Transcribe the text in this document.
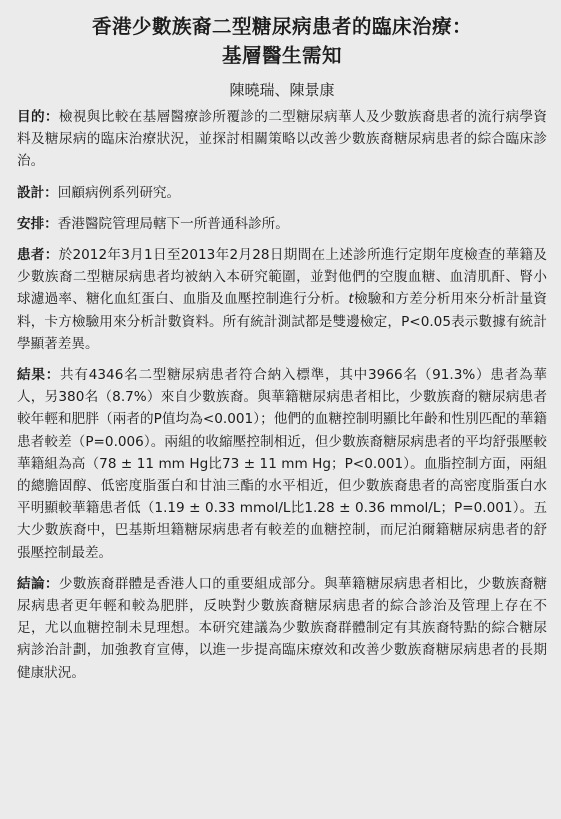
香港少數族裔二型糖尿病患者的臨床治療：
基層醫生需知
陳曉瑞、陳景康

目的：檢視與比較在基層醫療診所覆診的二型糖尿病華人及少數族裔患者的流行病學資料及糖尿病的臨床治療狀況，並探討相關策略以改善少數族裔糖尿病患者的綜合臨床診治。

設計：回顧病例系列研究。

安排：香港醫院管理局轄下一所普通科診所。

患者：於2012年3月1日至2013年2月28日期間在上述診所進行定期年度檢查的華籍及少數族裔二型糖尿病患者均被納入本研究範圍，並對他們的空腹血糖、血清肌酐、腎小球濾過率、糖化血紅蛋白、血脂及血壓控制進行分析。t檢驗和方差分析用來分析計量資料，卡方檢驗用來分析計數資料。所有統計測試都是雙邊檢定，P<0.05表示數據有統計學顯著差異。

結果：共有4346名二型糖尿病患者符合納入標準，其中3966名（91.3%）患者為華人，另380名（8.7%）來自少數族裔。與華籍糖尿病患者相比，少數族裔的糖尿病患者較年輕和肥胖（兩者的P值均為<0.001）；他們的血糖控制明顯比年齡和性別匹配的華籍患者較差（P=0.006）。兩組的收縮壓控制相近，但少數族裔糖尿病患者的平均舒張壓較華籍組為高（78 ± 11 mm Hg比73 ± 11 mm Hg；P<0.001）。血脂控制方面，兩組的總膽固醇、低密度脂蛋白和甘油三酯的水平相近，但少數族裔患者的高密度脂蛋白水平明顯較華籍患者低（1.19 ± 0.33 mmol/L比1.28 ± 0.36 mmol/L；P=0.001）。五大少數族裔中，巴基斯坦籍糖尿病患者有較差的血糖控制，而尼泊爾籍糖尿病患者的舒張壓控制最差。

結論：少數族裔群體是香港人口的重要組成部分。與華籍糖尿病患者相比，少數族裔糖尿病患者更年輕和較為肥胖，反映對少數族裔糖尿病患者的綜合診治及管理上存在不足，尤以血糖控制未見理想。本研究建議為少數族裔群體制定有其族裔特點的綜合糖尿病診治計劃，加強教育宣傳，以進一步提高臨床療效和改善少數族裔糖尿病患者的長期健康狀況。
